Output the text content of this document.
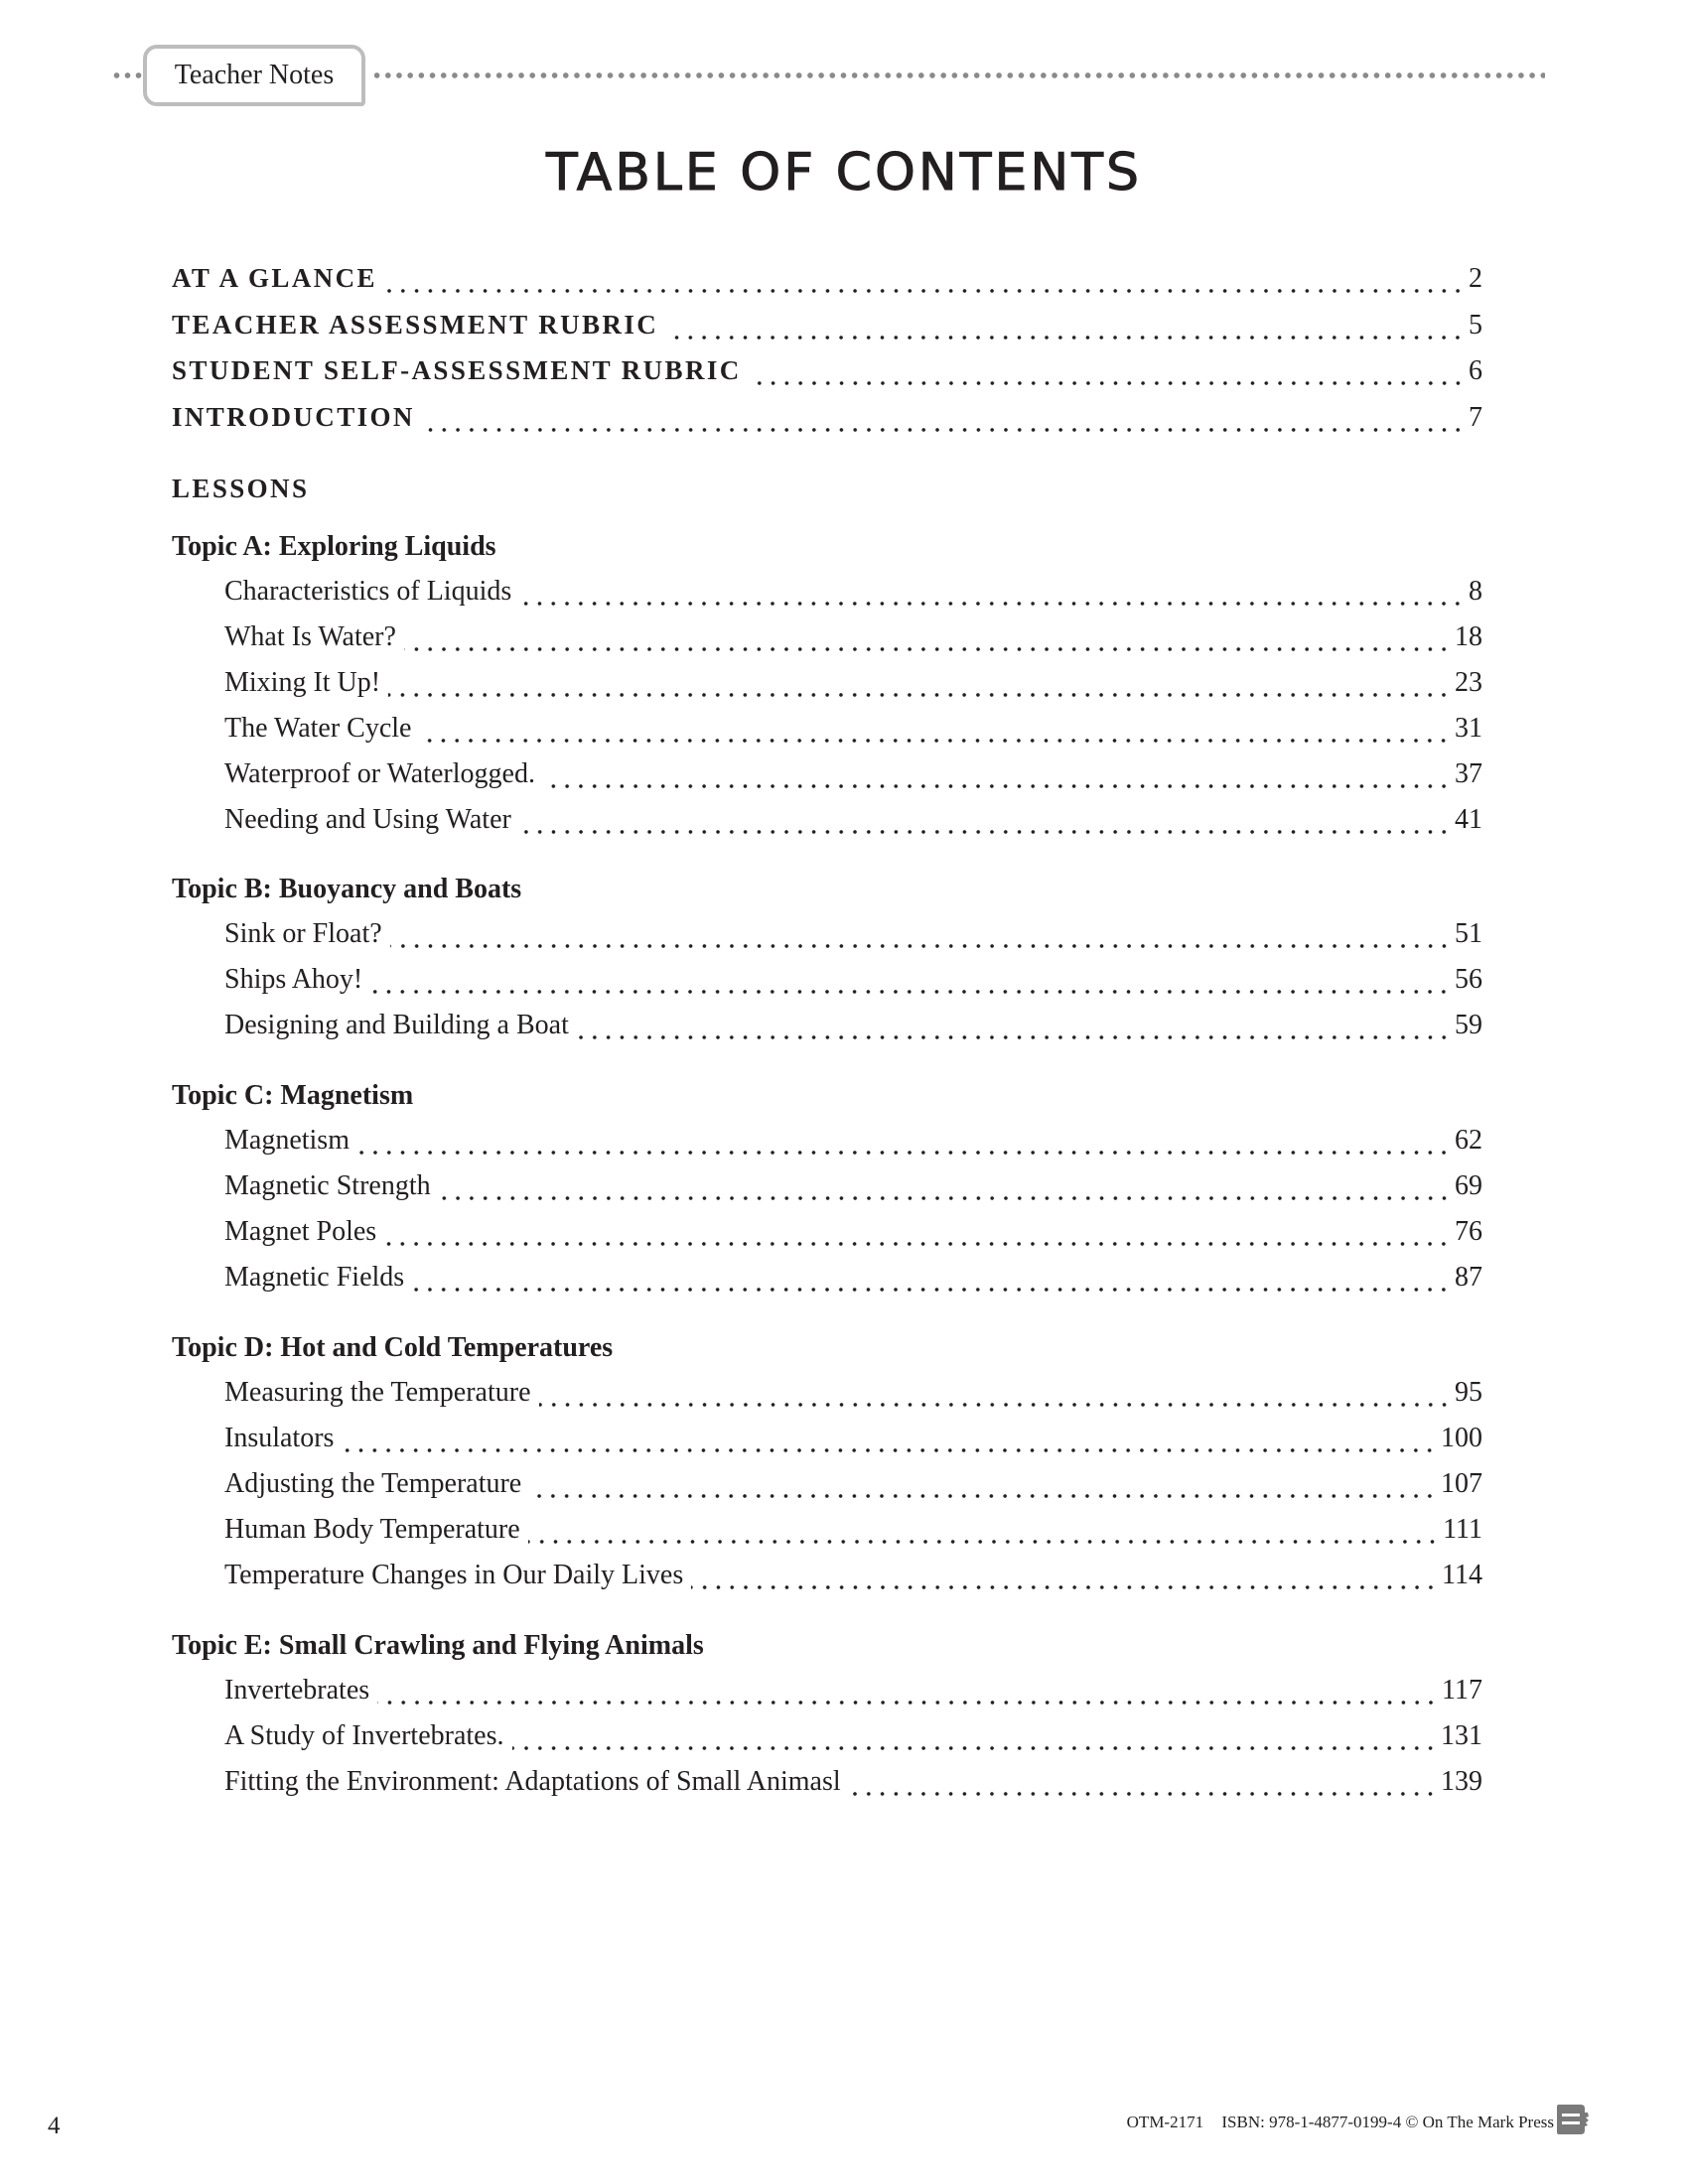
Teacher Notes
TABLE OF CONTENTS
AT A GLANCE	2
TEACHER ASSESSMENT RUBRIC	5
STUDENT SELF-ASSESSMENT RUBRIC	6
INTRODUCTION	7
LESSONS
Topic A: Exploring Liquids
Characteristics of Liquids	8
What Is Water?	18
Mixing It Up!	23
The Water Cycle	31
Waterproof or Waterlogged.	37
Needing and Using Water	41
Topic B: Buoyancy and Boats
Sink or Float?	51
Ships Ahoy!	56
Designing and Building a Boat	59
Topic C: Magnetism
Magnetism	62
Magnetic Strength	69
Magnet Poles	76
Magnetic Fields	87
Topic D: Hot and Cold Temperatures
Measuring the Temperature	95
Insulators	100
Adjusting the Temperature	107
Human Body Temperature	111
Temperature Changes in Our Daily Lives	114
Topic E: Small Crawling and Flying Animals
Invertebrates	117
A Study of Invertebrates.	131
Fitting the Environment: Adaptations of Small Animasl	139
4	OTM-2171 ISBN: 978-1-4877-0199-4 © On The Mark Press
